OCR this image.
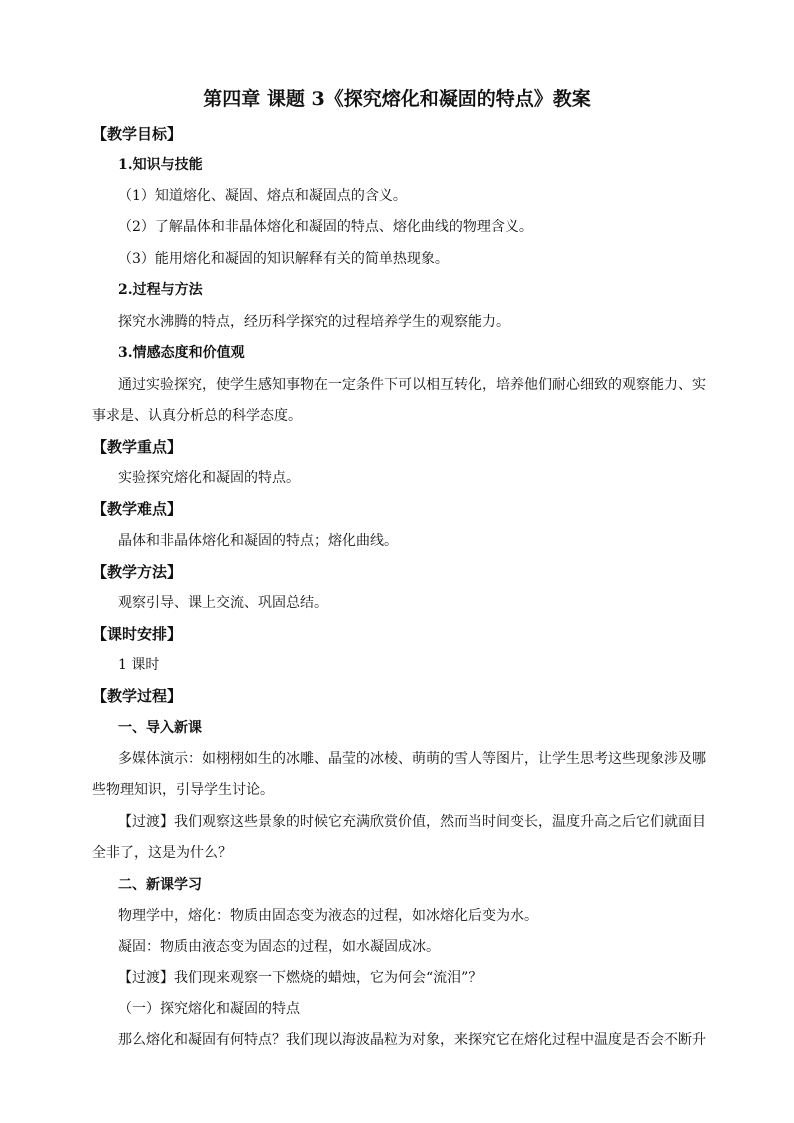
第四章 课题 3《探究熔化和凝固的特点》教案
【教学目标】
1.知识与技能
（1）知道熔化、凝固、熔点和凝固点的含义。
（2）了解晶体和非晶体熔化和凝固的特点、熔化曲线的物理含义。
（3）能用熔化和凝固的知识解释有关的简单热现象。
2.过程与方法
探究水沸腾的特点，经历科学探究的过程培养学生的观察能力。
3.情感态度和价值观
通过实验探究，使学生感知事物在一定条件下可以相互转化，培养他们耐心细致的观察能力、实
事求是、认真分析总的科学态度。
【教学重点】
实验探究熔化和凝固的特点。
【教学难点】
晶体和非晶体熔化和凝固的特点；熔化曲线。
【教学方法】
观察引导、课上交流、巩固总结。
【课时安排】
1 课时
【教学过程】
一、导入新课
多媒体演示：如栩栩如生的冰雕、晶莹的冰棱、萌萌的雪人等图片，让学生思考这些现象涉及哪
些物理知识，引导学生讨论。
【过渡】我们观察这些景象的时候它充满欣赏价值，然而当时间变长，温度升高之后它们就面目
全非了，这是为什么？
二、新课学习
物理学中，熔化：物质由固态变为液态的过程，如冰熔化后变为水。
凝固：物质由液态变为固态的过程，如水凝固成冰。
【过渡】我们现来观察一下燃烧的蜡烛，它为何会“流泪”？
（一）探究熔化和凝固的特点
那么熔化和凝固有何特点？我们现以海波晶粒为对象，来探究它在熔化过程中温度是否会不断升
